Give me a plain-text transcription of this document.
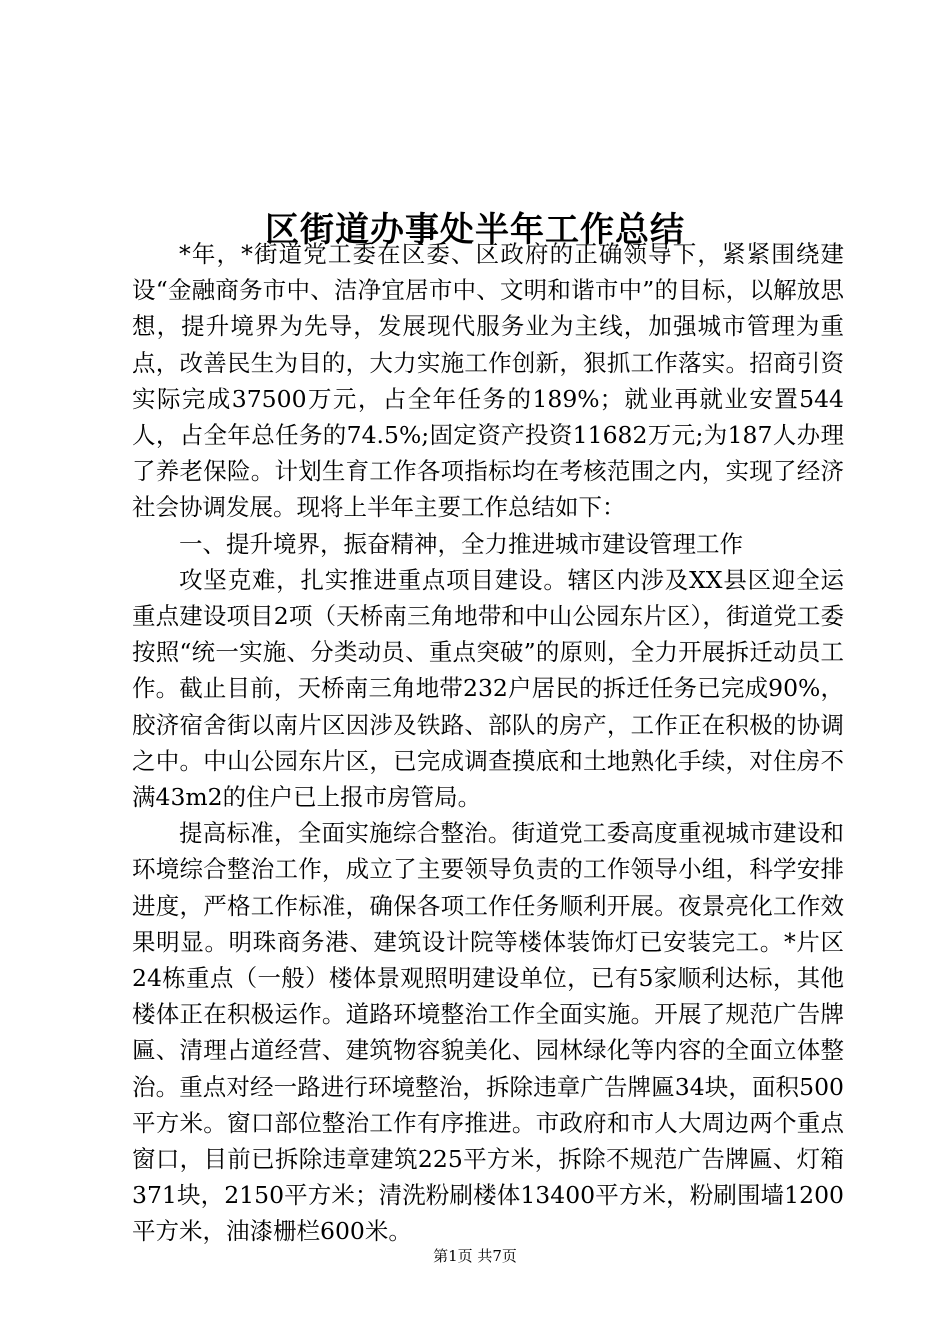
区街道办事处半年工作总结

*年，*街道党工委在区委、区政府的正确领导下，紧紧围绕建设“金融商务市中、洁净宜居市中、文明和谐市中”的目标，以解放思想，提升境界为先导，发展现代服务业为主线，加强城市管理为重点，改善民生为目的，大力实施工作创新，狠抓工作落实。招商引资实际完成37500万元，占全年任务的189%；就业再就业安置544人，占全年总任务的74.5%;固定资产投资11682万元;为187人办理了养老保险。计划生育工作各项指标均在考核范围之内，实现了经济社会协调发展。现将上半年主要工作总结如下：

一、提升境界，振奋精神，全力推进城市建设管理工作

攻坚克难，扎实推进重点项目建设。辖区内涉及XX县区迎全运重点建设项目2项（天桥南三角地带和中山公园东片区），街道党工委按照“统一实施、分类动员、重点突破”的原则，全力开展拆迁动员工作。截止目前，天桥南三角地带232户居民的拆迁任务已完成90%，胶济宿舍街以南片区因涉及铁路、部队的房产，工作正在积极的协调之中。中山公园东片区，已完成调查摸底和土地熟化手续，对住房不满43m2的住户已上报市房管局。

提高标准，全面实施综合整治。街道党工委高度重视城市建设和环境综合整治工作，成立了主要领导负责的工作领导小组，科学安排进度，严格工作标准，确保各项工作任务顺利开展。夜景亮化工作效果明显。明珠商务港、建筑设计院等楼体装饰灯已安装完工。*片区24栋重点（一般）楼体景观照明建设单位，已有5家顺利达标，其他楼体正在积极运作。道路环境整治工作全面实施。开展了规范广告牌匾、清理占道经营、建筑物容貌美化、园林绿化等内容的全面立体整治。重点对经一路进行环境整治，拆除违章广告牌匾34块，面积500平方米。窗口部位整治工作有序推进。市政府和市人大周边两个重点窗口，目前已拆除违章建筑225平方米，拆除不规范广告牌匾、灯箱371块，2150平方米；清洗粉刷楼体13400平方米，粉刷围墙1200平方米，油漆栅栏600米。

第1页 共7页
